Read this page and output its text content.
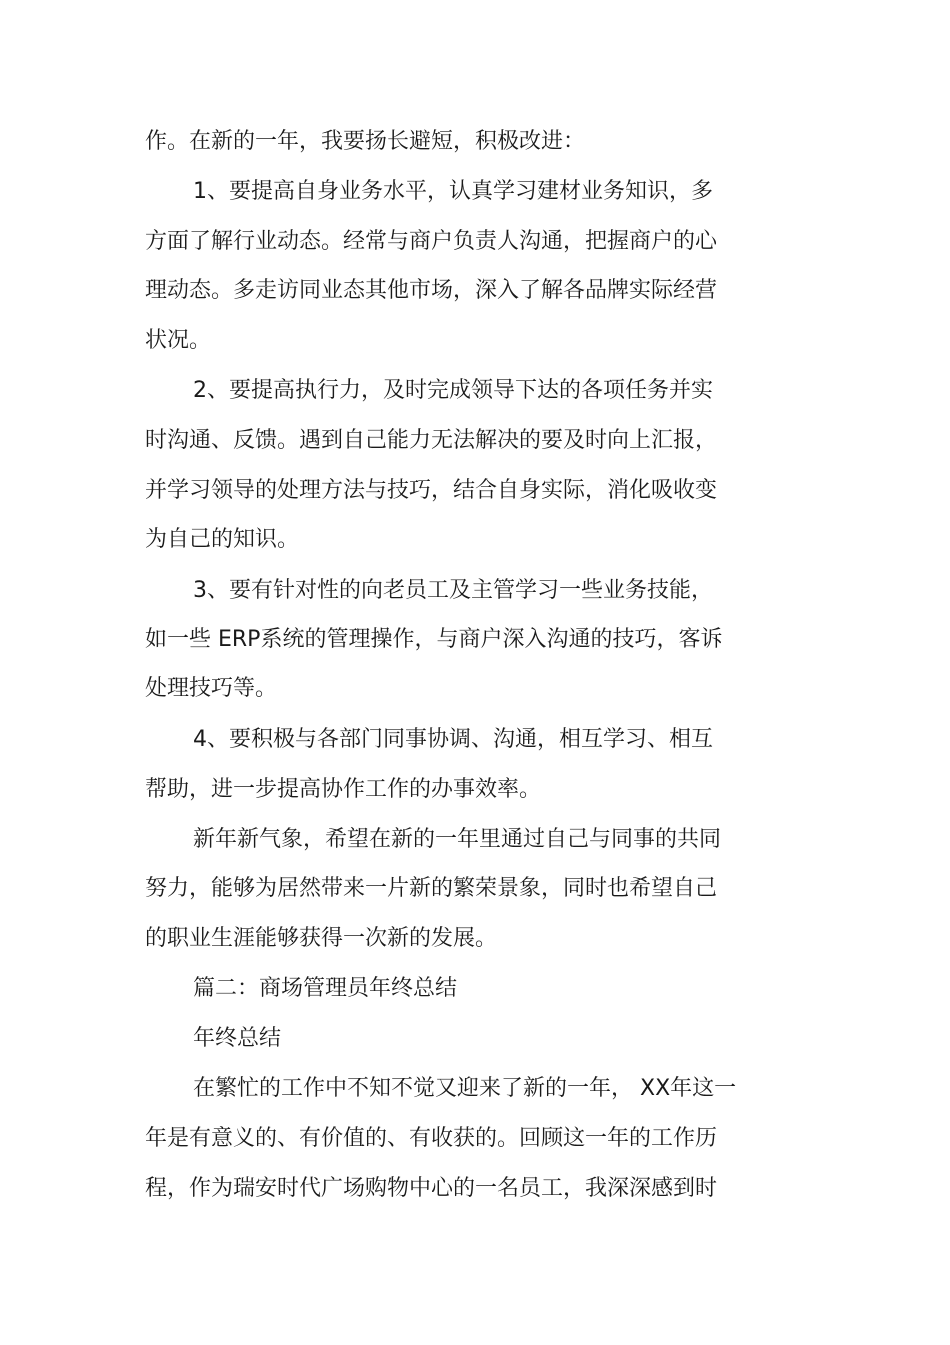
作。在新的一年，我要扬长避短，积极改进：
1、要提高自身业务水平，认真学习建材业务知识，多
方面了解行业动态。经常与商户负责人沟通，把握商户的心
理动态。多走访同业态其他市场，深入了解各品牌实际经营
状况。
2、要提高执行力，及时完成领导下达的各项任务并实
时沟通、反馈。遇到自己能力无法解决的要及时向上汇报，
并学习领导的处理方法与技巧，结合自身实际，消化吸收变
为自己的知识。
3、要有针对性的向老员工及主管学习一些业务技能，
如一些 ERP系统的管理操作，与商户深入沟通的技巧，客诉
处理技巧等。
4、要积极与各部门同事协调、沟通，相互学习、相互
帮助，进一步提高协作工作的办事效率。
新年新气象，希望在新的一年里通过自己与同事的共同
努力，能够为居然带来一片新的繁荣景象，同时也希望自己
的职业生涯能够获得一次新的发展。
篇二：商场管理员年终总结
年终总结
在繁忙的工作中不知不觉又迎来了新的一年， XX年这一
年是有意义的、有价值的、有收获的。回顾这一年的工作历
程，作为瑞安时代广场购物中心的一名员工，我深深感到时
